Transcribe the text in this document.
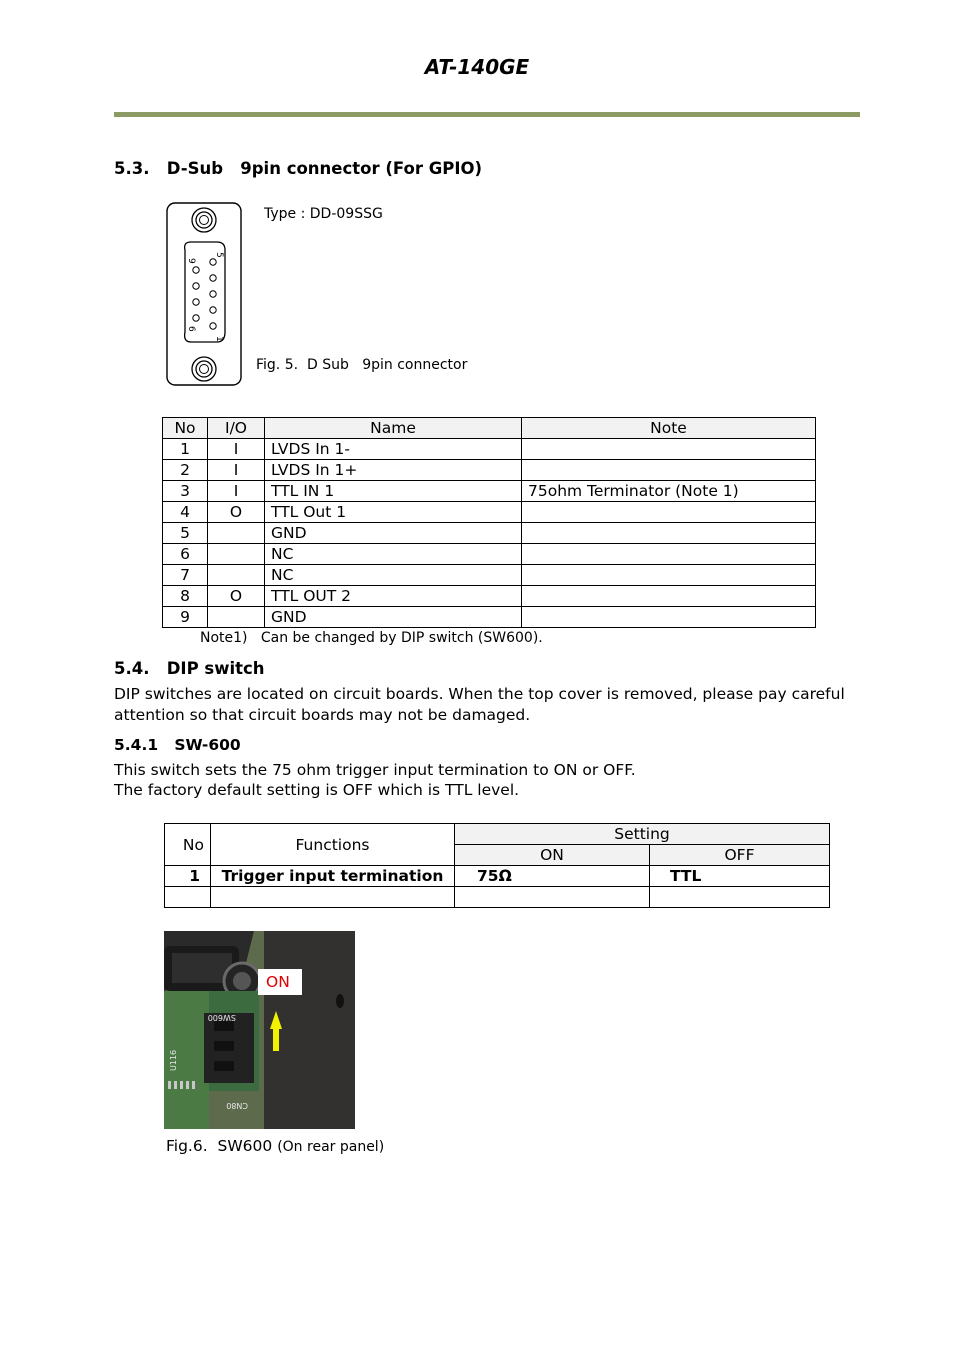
AT-140GE
5.3.   D-Sub   9pin connector (For GPIO)
5
1
9
6
Type : DD-09SSG
Fig. 5.  D Sub   9pin connector
No	I/O	Name	Note
1	I	LVDS In 1-	
2	I	LVDS In 1+	
3	I	TTL IN 1	75ohm Terminator (Note 1)
4	O	TTL Out 1	
5		GND	
6		NC	
7		NC	
8	O	TTL OUT 2	
9		GND	
Note1)   Can be changed by DIP switch (SW600).
5.4.   DIP switch
DIP switches are located on circuit boards. When the top cover is removed, please pay careful
attention so that circuit boards may not be damaged.
5.4.1   SW-600
This switch sets the 75 ohm trigger input termination to ON or OFF.
The factory default setting is OFF which is TTL level.
No	Functions	Setting	
		ON	OFF
1	Trigger input termination	75Ω	TTL

SW600
U116
CN80
ON
Fig.6.  SW600 (On rear panel)
